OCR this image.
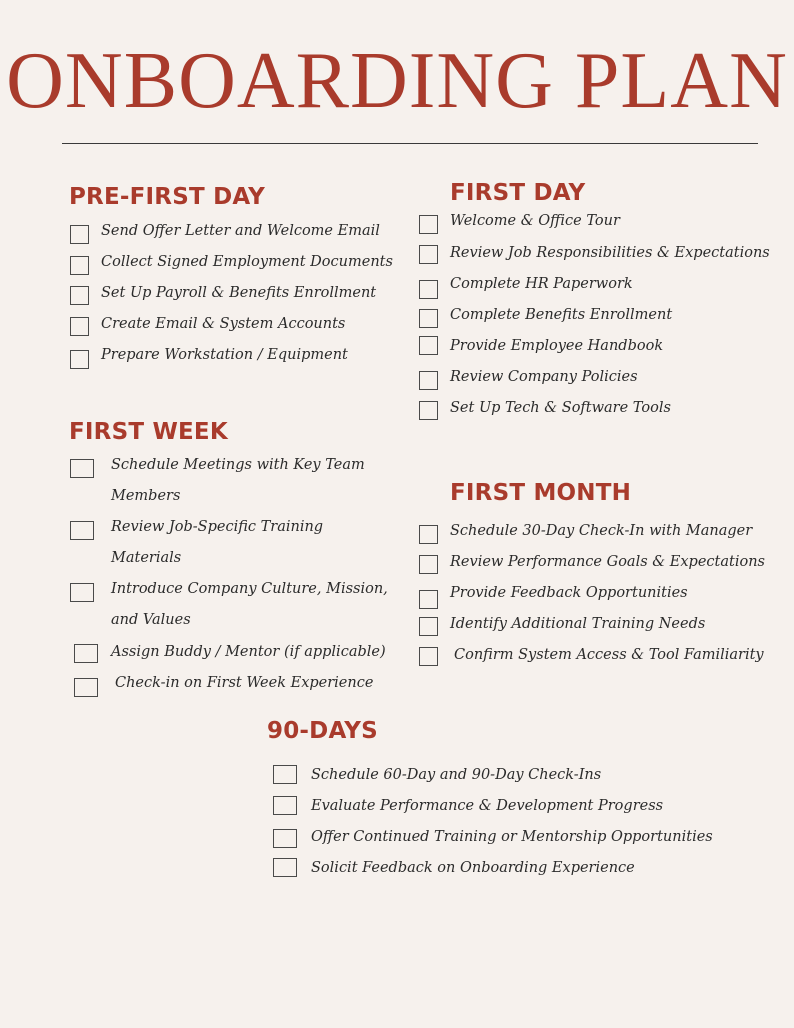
ONBOARDING PLAN
PRE-FIRST DAY
Send Offer Letter and Welcome Email
Collect Signed Employment Documents
Set Up Payroll & Benefits Enrollment
Create Email & System Accounts
Prepare Workstation / Equipment
FIRST DAY
Welcome & Office Tour
Review Job Responsibilities & Expectations
Complete HR Paperwork
Complete Benefits Enrollment
Provide Employee Handbook
Review Company Policies
Set Up Tech & Software Tools
FIRST WEEK
Schedule Meetings with Key Team
Members
Review Job-Specific Training
Materials
Introduce Company Culture, Mission,
and Values
Assign Buddy / Mentor (if applicable)
Check-in on First Week Experience
FIRST MONTH
Schedule 30-Day Check-In with Manager
Review Performance Goals & Expectations
Provide Feedback Opportunities
Identify Additional Training Needs
Confirm System Access & Tool Familiarity
90-DAYS
Schedule 60-Day and 90-Day Check-Ins
Evaluate Performance & Development Progress
Offer Continued Training or Mentorship Opportunities
Solicit Feedback on Onboarding Experience
